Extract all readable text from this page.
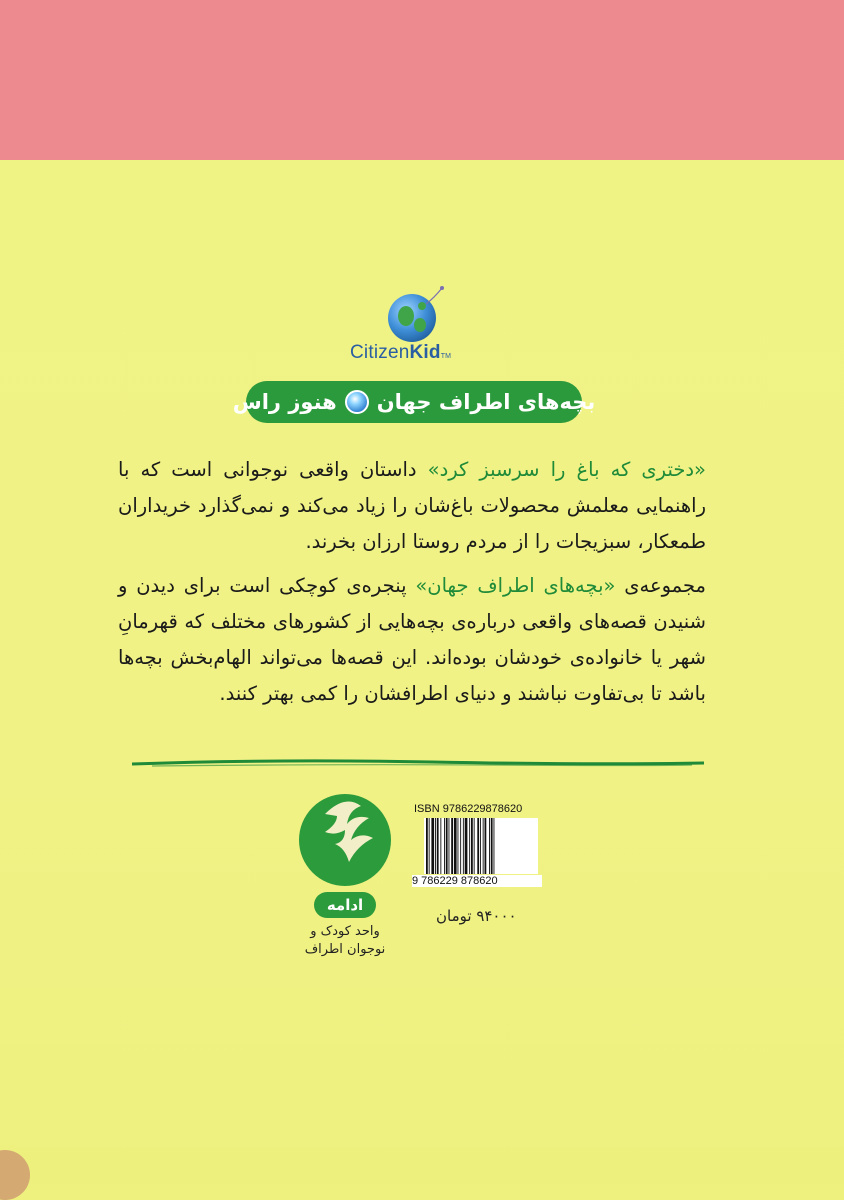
CitizenKidTM
بچه‌های اطراف جهان
هنوز راس

«دختری که باغ را سرسبز کرد» داستان واقعی نوجوانی است که با راهنمایی معلمش محصولات باغ‌شان را زیاد می‌کند و نمی‌گذارد خریداران طمعکار، سبزیجات را از مردم روستا ارزان بخرند.

مجموعه‌ی «بچه‌های اطراف جهان» پنجره‌ی کوچکی است برای دیدن و شنیدن قصه‌های واقعی درباره‌ی بچه‌هایی از کشورهای مختلف که قهرمانِ شهر یا خانواده‌ی خودشان بوده‌اند. این قصه‌ها می‌تواند الهام‌بخش بچه‌ها باشد تا بی‌تفاوت نباشند و دنیای اطرافشان را کمی بهتر کنند.

ISBN 9786229878620
9 786229 878620
۹۴۰۰۰ تومان
ادامه
واحد کودک و
نوجوان اطراف
